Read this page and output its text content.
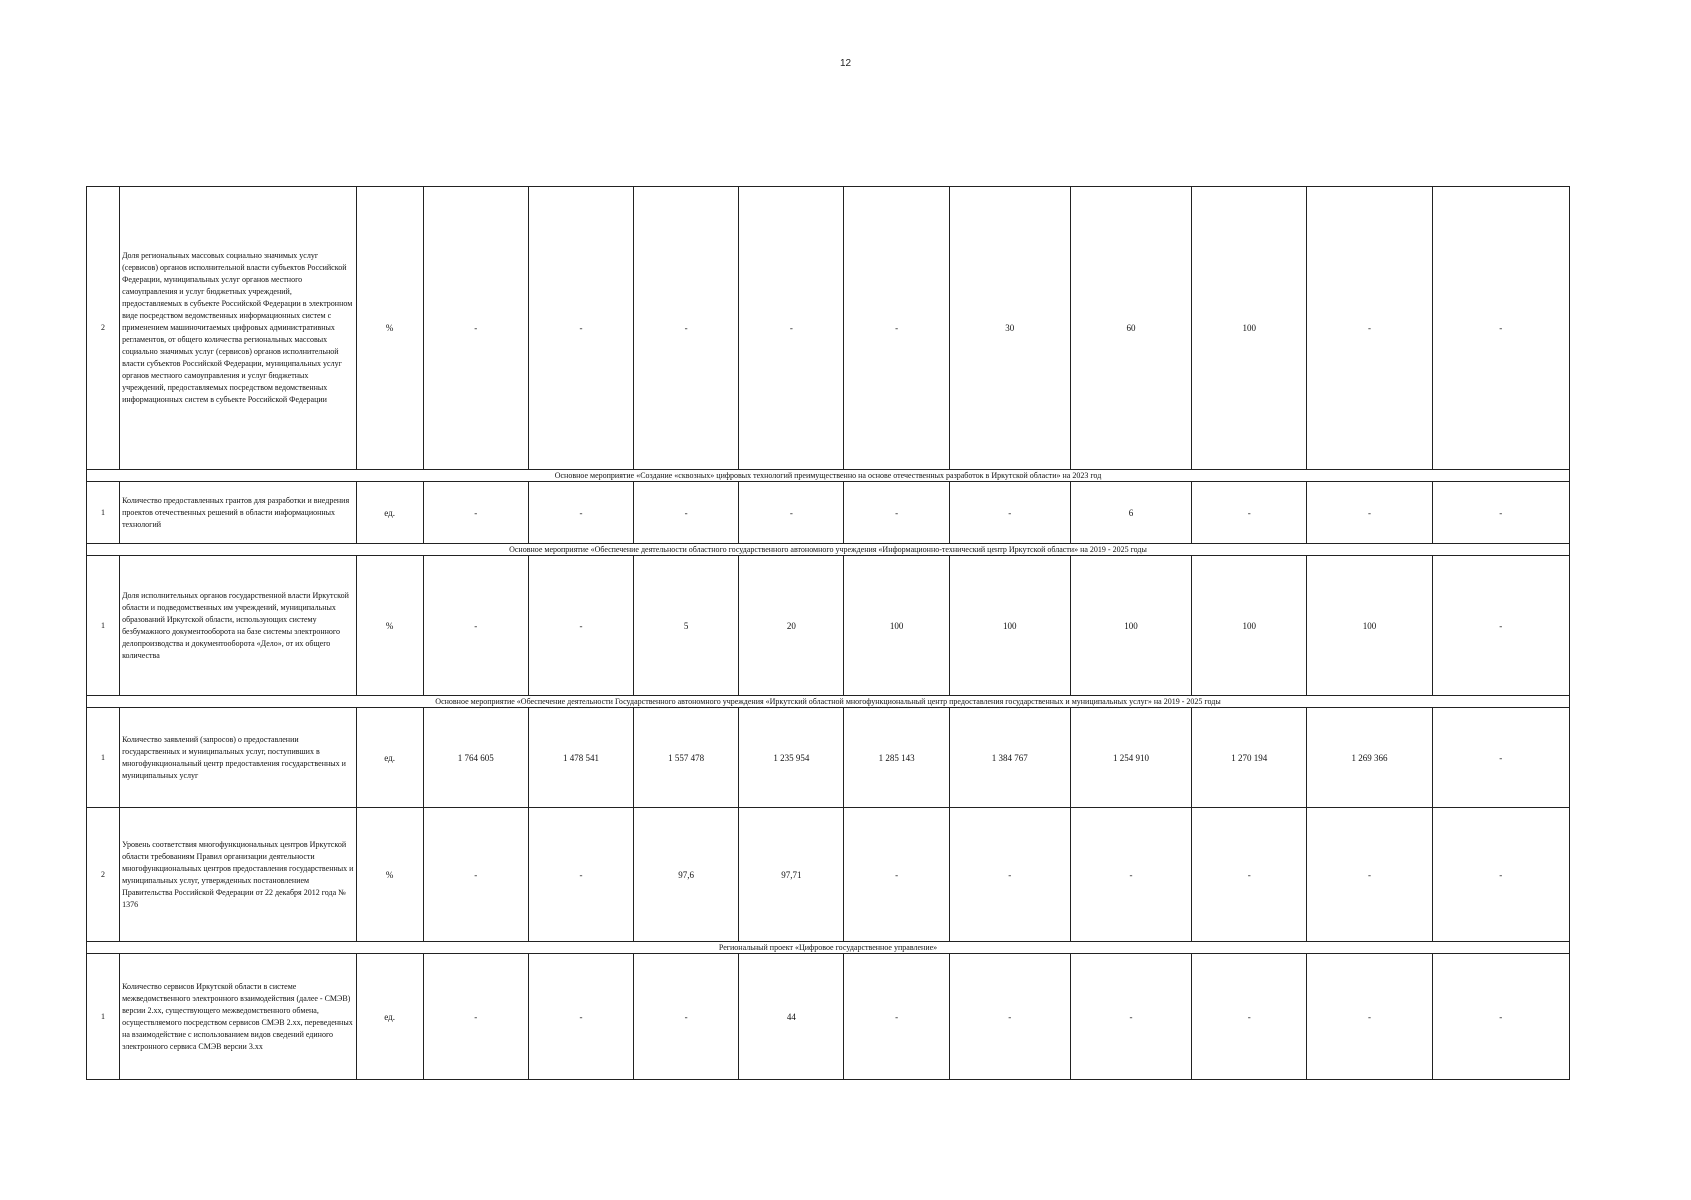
12
2	Доля региональных массовых социально значимых услуг (сервисов) органов исполнительной власти субъектов Российской Федерации, муниципальных услуг органов местного самоуправления и услуг бюджетных учреждений, предоставляемых в субъекте Российской Федерации в электронном виде посредством ведомственных информационных систем с применением машиночитаемых цифровых административных регламентов, от общего количества региональных массовых социально значимых услуг (сервисов) органов исполнительной власти субъектов Российской Федерации, муниципальных услуг органов местного самоуправления и услуг бюджетных учреждений, предоставляемых посредством ведомственных информационных систем в субъекте Российской Федерации	%	-	-	-	-	-	30	60	100	-	-
Основное мероприятие «Создание «сквозных» цифровых технологий преимущественно на основе отечественных разработок в Иркутской области» на 2023 год												
1	Количество предоставленных грантов для разработки и внедрения проектов отечественных решений в области информационных технологий	ед.	-	-	-	-	-	-	6	-	-	-
Основное мероприятие «Обеспечение деятельности областного государственного автономного учреждения «Информационно-технический центр Иркутской области» на 2019 - 2025 годы												
1	Доля исполнительных органов государственной власти Иркутской области и подведомственных им учреждений, муниципальных образований Иркутской области, использующих систему безбумажного документооборота на базе системы электронного делопроизводства и документооборота «Дело», от их общего количества	%	-	-	5	20	100	100	100	100	100	-
Основное мероприятие «Обеспечение деятельности Государственного автономного учреждения «Иркутский областной многофункциональный центр предоставления государственных и муниципальных услуг» на 2019 - 2025 годы												
1	Количество заявлений (запросов) о предоставлении государственных и муниципальных услуг, поступивших в многофункциональный центр предоставления государственных и муниципальных услуг	ед.	1 764 605	1 478 541	1 557 478	1 235 954	1 285 143	1 384 767	1 254 910	1 270 194	1 269 366	-
2	Уровень соответствия многофункциональных центров Иркутской области требованиям Правил организации деятельности многофункциональных центров предоставления государственных и муниципальных услуг, утвержденных постановлением Правительства Российской Федерации от 22 декабря 2012 года № 1376	%	-	-	97,6	97,71	-	-	-	-	-	-
Региональный проект «Цифровое государственное управление»												
1	Количество сервисов Иркутской области в системе межведомственного электронного взаимодействия (далее - СМЭВ) версии 2.хх, существующего межведомственного обмена, осуществляемого посредством сервисов СМЭВ 2.хх, переведенных на взаимодействие с использованием видов сведений единого электронного сервиса СМЭВ версии 3.хх	ед.	-	-	-	44	-	-	-	-	-	-
